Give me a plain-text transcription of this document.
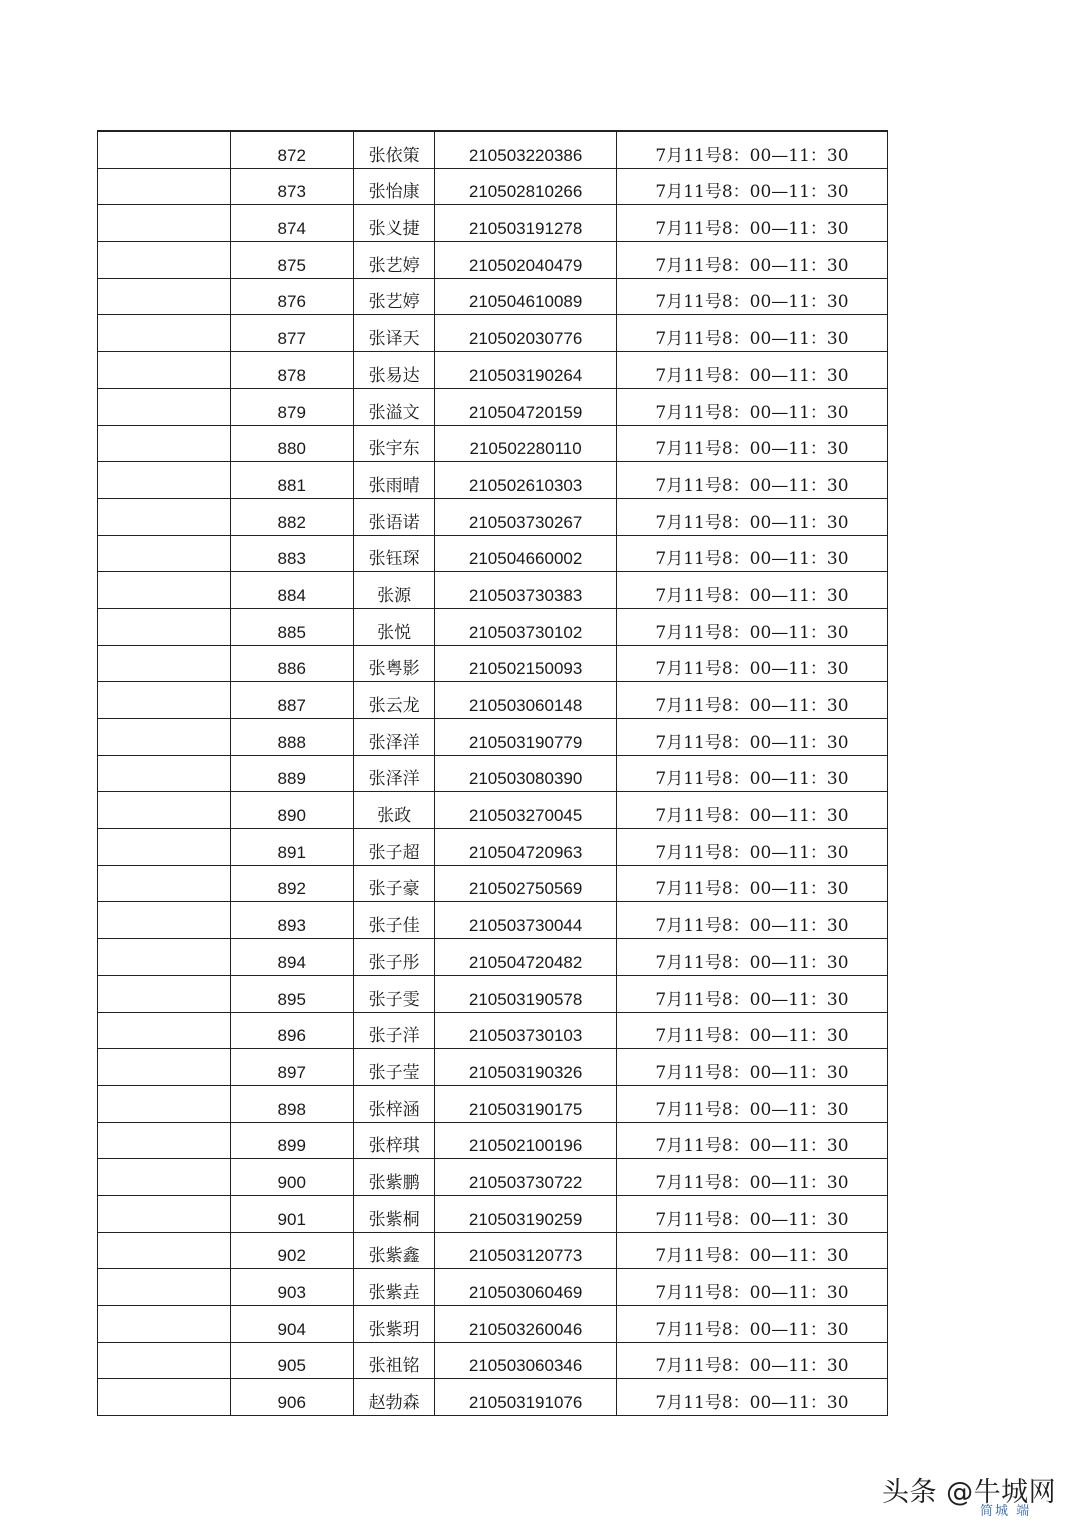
	872	张依策	210503220386	7月11号8：00—11：30
	873	张怡康	210502810266	7月11号8：00—11：30
	874	张义捷	210503191278	7月11号8：00—11：30
	875	张艺婷	210502040479	7月11号8：00—11：30
	876	张艺婷	210504610089	7月11号8：00—11：30
	877	张译天	210502030776	7月11号8：00—11：30
	878	张易达	210503190264	7月11号8：00—11：30
	879	张溢文	210504720159	7月11号8：00—11：30
	880	张宇东	210502280110	7月11号8：00—11：30
	881	张雨晴	210502610303	7月11号8：00—11：30
	882	张语诺	210503730267	7月11号8：00—11：30
	883	张钰琛	210504660002	7月11号8：00—11：30
	884	张源	210503730383	7月11号8：00—11：30
	885	张悦	210503730102	7月11号8：00—11：30
	886	张粤影	210502150093	7月11号8：00—11：30
	887	张云龙	210503060148	7月11号8：00—11：30
	888	张泽洋	210503190779	7月11号8：00—11：30
	889	张泽洋	210503080390	7月11号8：00—11：30
	890	张政	210503270045	7月11号8：00—11：30
	891	张子超	210504720963	7月11号8：00—11：30
	892	张子豪	210502750569	7月11号8：00—11：30
	893	张子佳	210503730044	7月11号8：00—11：30
	894	张子彤	210504720482	7月11号8：00—11：30
	895	张子雯	210503190578	7月11号8：00—11：30
	896	张子洋	210503730103	7月11号8：00—11：30
	897	张子莹	210503190326	7月11号8：00—11：30
	898	张梓涵	210503190175	7月11号8：00—11：30
	899	张梓琪	210502100196	7月11号8：00—11：30
	900	张紫鹏	210503730722	7月11号8：00—11：30
	901	张紫桐	210503190259	7月11号8：00—11：30
	902	张紫鑫	210503120773	7月11号8：00—11：30
	903	张紫垚	210503060469	7月11号8：00—11：30
	904	张紫玥	210503260046	7月11号8：00—11：30
	905	张祖铭	210503060346	7月11号8：00—11：30
	906	赵勃森	210503191076	7月11号8：00—11：30
头条 @牛城网
简城 端
